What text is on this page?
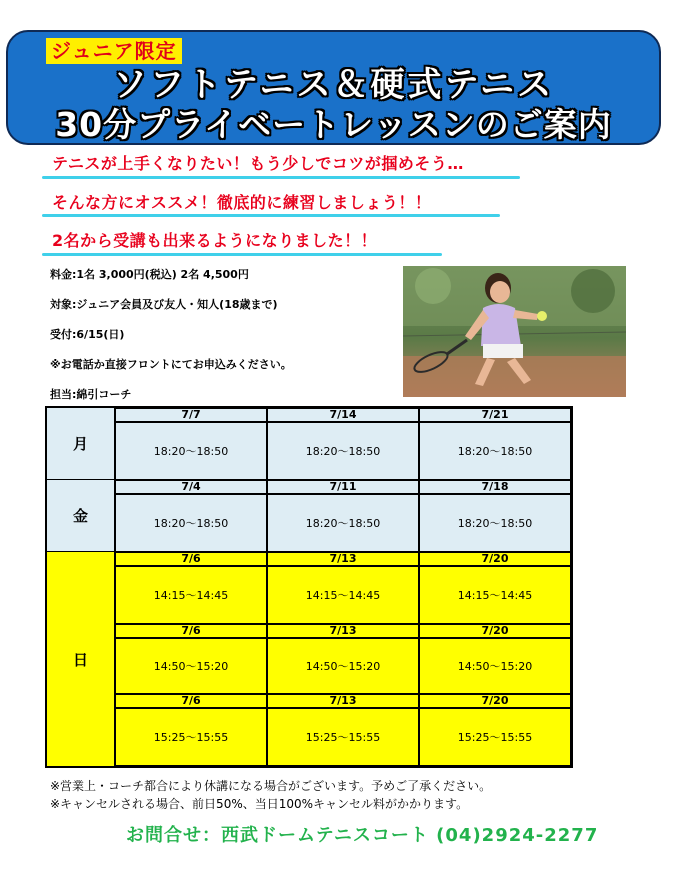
ジュニア限定
ソフトテニス＆硬式テニス
30分プライベートレッスンのご案内
テニスが上手くなりたい！もう少しでコツが掴めそう…
そんな方にオススメ！徹底的に練習しましょう！！
2名から受講も出来るようになりました！！
料金:1名 3,000円(税込) 2名 4,500円
対象:ジュニア会員及び友人・知人(18歳まで)
受付:6/15(日)
※お電話か直接フロントにてお申込みください。
担当:綿引コーチ
月
7/7	7/14	7/21
18:20～18:50	18:20～18:50	18:20～18:50
金
7/4	7/11	7/18
18:20～18:50	18:20～18:50	18:20～18:50
日
7/6	7/13	7/20
14:15～14:45	14:15～14:45	14:15～14:45
7/6	7/13	7/20
14:50～15:20	14:50～15:20	14:50～15:20
7/6	7/13	7/20
15:25～15:55	15:25～15:55	15:25～15:55
※営業上・コーチ都合により休講になる場合がございます。予めご了承ください。
※キャンセルされる場合、前日50%、当日100%キャンセル料がかかります。
お問合せ：西武ドームテニスコート (04)2924-2277
